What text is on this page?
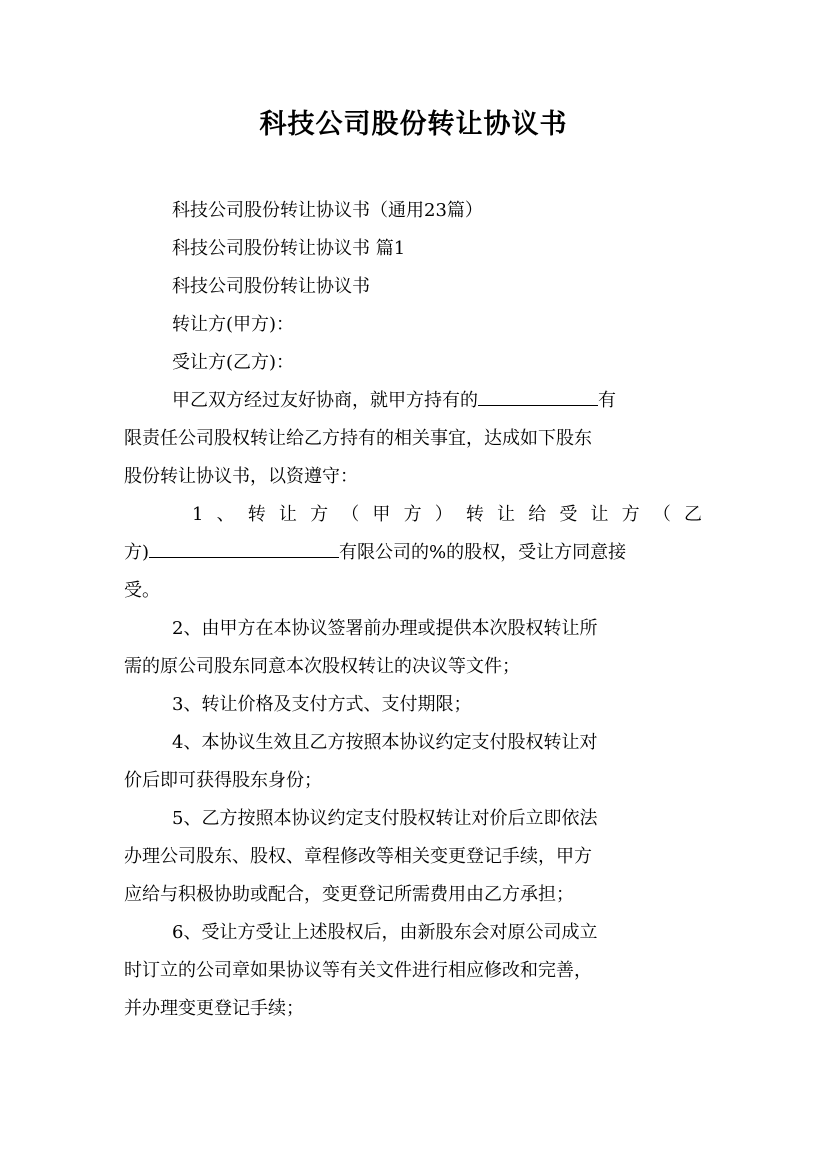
科技公司股份转让协议书
科技公司股份转让协议书（通用23篇）
科技公司股份转让协议书 篇1
科技公司股份转让协议书
转让方(甲方)：
受让方(乙方)：
甲乙双方经过友好协商，就甲方持有的	有
限责任公司股权转让给乙方持有的相关事宜，达成如下股东
股份转让协议书，以资遵守：
1、转让方（甲方）转让给受让方（乙
方)	有限公司的%的股权，受让方同意接
受。
2、由甲方在本协议签署前办理或提供本次股权转让所
需的原公司股东同意本次股权转让的决议等文件；
3、转让价格及支付方式、支付期限；
4、本协议生效且乙方按照本协议约定支付股权转让对
价后即可获得股东身份；
5、乙方按照本协议约定支付股权转让对价后立即依法
办理公司股东、股权、章程修改等相关变更登记手续，甲方
应给与积极协助或配合，变更登记所需费用由乙方承担；
6、受让方受让上述股权后，由新股东会对原公司成立
时订立的公司章如果协议等有关文件进行相应修改和完善，
并办理变更登记手续；
